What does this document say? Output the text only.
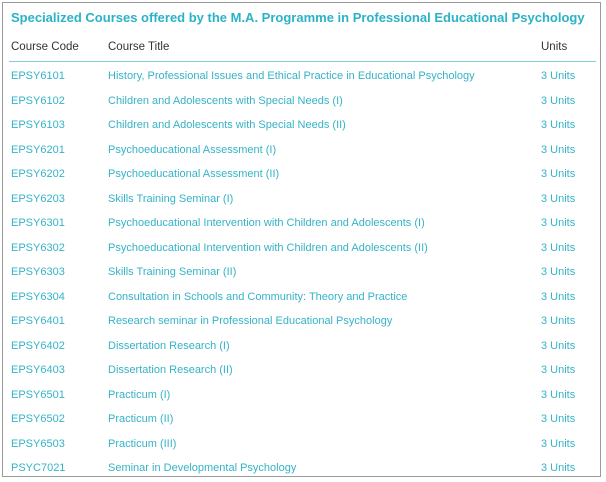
Specialized Courses offered by the M.A. Programme in Professional Educational Psychology
Course Code	Course Title	Units
EPSY6101	History, Professional Issues and Ethical Practice in Educational Psychology	3 Units
EPSY6102	Children and Adolescents with Special Needs (I)	3 Units
EPSY6103	Children and Adolescents with Special Needs (II)	3 Units
EPSY6201	Psychoeducational Assessment (I)	3 Units
EPSY6202	Psychoeducational Assessment (II)	3 Units
EPSY6203	Skills Training Seminar (I)	3 Units
EPSY6301	Psychoeducational Intervention with Children and Adolescents (I)	3 Units
EPSY6302	Psychoeducational Intervention with Children and Adolescents (II)	3 Units
EPSY6303	Skills Training Seminar (II)	3 Units
EPSY6304	Consultation in Schools and Community: Theory and Practice	3 Units
EPSY6401	Research seminar in Professional Educational Psychology	3 Units
EPSY6402	Dissertation Research (I)	3 Units
EPSY6403	Dissertation Research (II)	3 Units
EPSY6501	Practicum (I)	3 Units
EPSY6502	Practicum (II)	3 Units
EPSY6503	Practicum (III)	3 Units
PSYC7021	Seminar in Developmental Psychology	3 Units
